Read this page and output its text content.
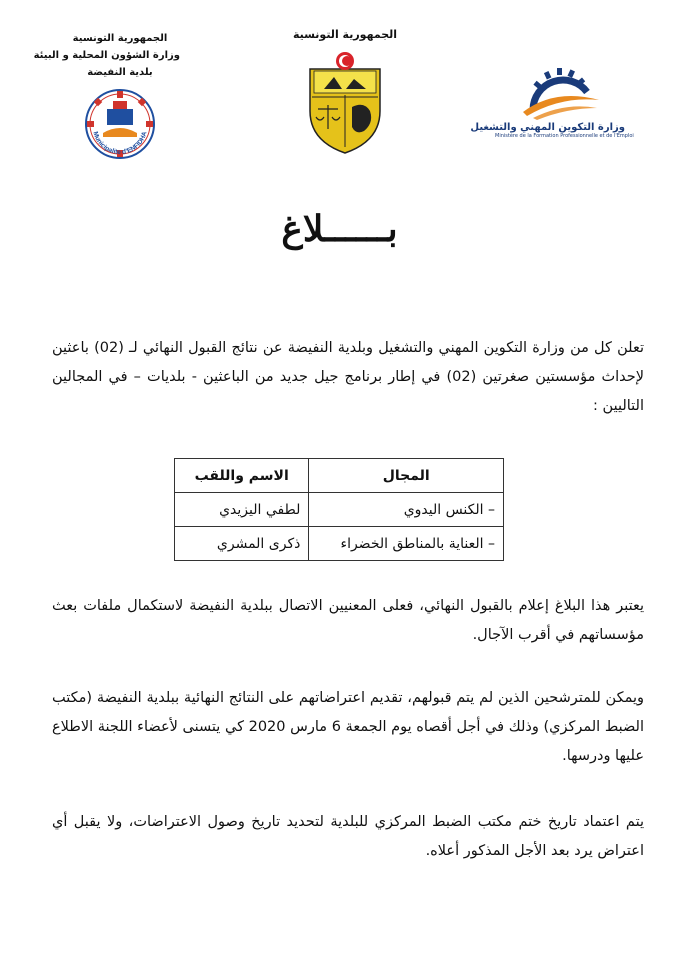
الجمهورية التونسية
وزارة الشؤون المحلية و البيئة
بلدية النفيضة
Municipalite d'ENFIDHA
الجمهورية التونسية
وزارة التكوين المهني والتشغيل
Ministère de la Formation Professionnelle et de l'Emploi
بــــــلاغ
تعلن كل من وزارة التكوين المهني والتشغيل وبلدية النفيضة عن نتائج القبول النهائي لـ (02) باعثين لإحداث مؤسستين صغرتين (02) في إطار برنامج جيل جديد من الباعثين - بلديات – في المجالين التاليين :
المجال	الاسم واللقب
– الكنس اليدوي	لطفي اليزيدي
– العناية بالمناطق الخضراء	ذكرى المشري
يعتبر هذا البلاغ إعلام بالقبول النهائي، فعلى المعنيين الاتصال ببلدية النفيضة لاستكمال ملفات بعث مؤسساتهم في أقرب الآجال.
ويمكن للمترشحين الذين لم يتم قبولهم، تقديم اعتراضاتهم على النتائج النهائية ببلدية النفيضة (مكتب الضبط المركزي) وذلك في أجل أقصاه يوم الجمعة 6 مارس 2020 كي يتسنى لأعضاء اللجنة الاطلاع عليها ودرسها.
يتم اعتماد تاريخ ختم مكتب الضبط المركزي للبلدية لتحديد تاريخ وصول الاعتراضات، ولا يقبل أي اعتراض يرد بعد الأجل المذكور أعلاه.
